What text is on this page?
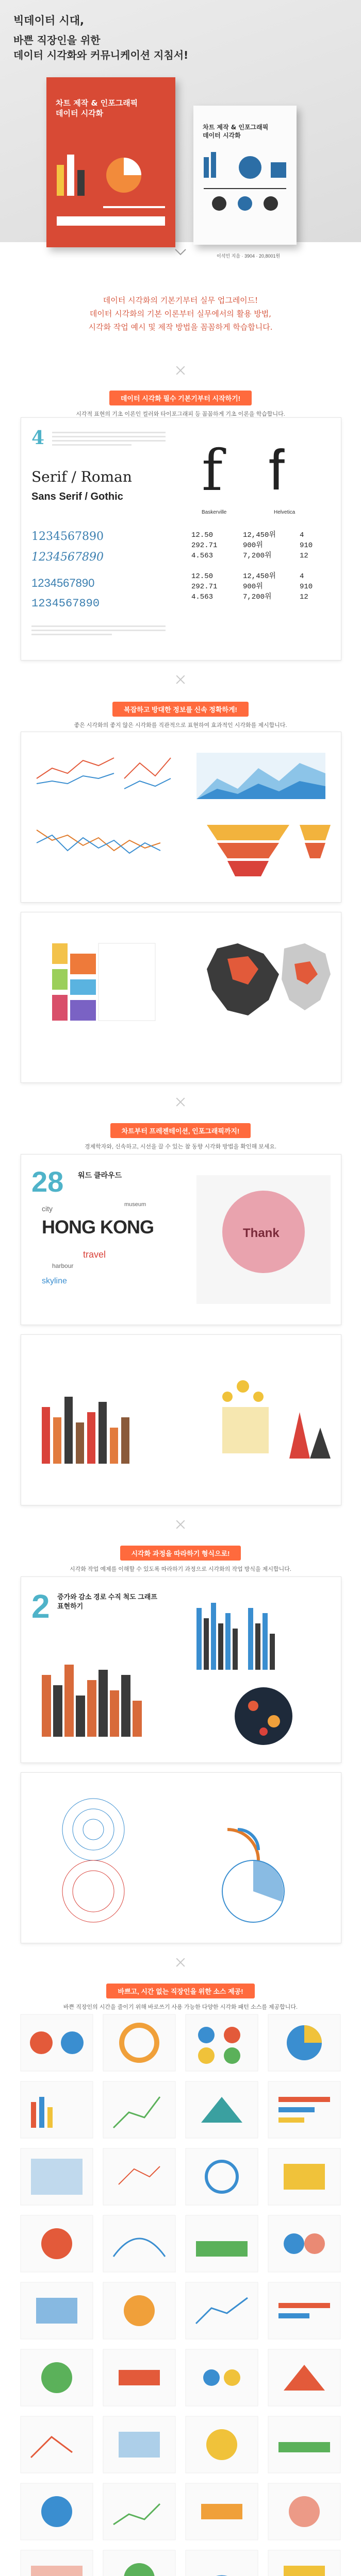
빅데이터 시대,
바쁜 직장인을 위한
데이터 시각화와 커뮤니케이션 지침서!
차트 제작 & 인포그래픽
데이터 시각화
차트 제작 & 인포그래픽
데이터 시각화
이석민 지음 · 3904 · 20,8001원
데이터 시각화의 기본기부터 실무 업그레이드!
데이터 시각화의 기본 이론부터 실무에서의 활용 방법,
시각화 작업 예시 및 제작 방법을 꼼꼼하게 학습합니다.
데이터 시각화 필수 기본기부터 시작하기!
시각적 표현의 기초 이론인 컬러와 타이포그래피 등 꼼꼼하게 기초 이론을 학습합니다.
4
Serif / Roman
Sans Serif / Gothic
1234567890
1234567890
1234567890
1234567890
f f
Baskerville	Helvetica
12.50
292.71
4.563
12,450위
900위
7,200위
4
910
12
12.50
292.71
4.563
12,450위
900위
7,200위
4
910
12
복잡하고 방대한 정보를 신속 정확하게!
좋은 시각화의 좋지 않은 시각화를 직관적으로 표현하여 효과적인 시각화를 제시합니다.
차트부터 프레젠테이션, 인포그래픽까지!
경제학자와, 신속하고, 시선을 끌 수 있는 참 동향 시각화 방법을 확인해 보세요.
28 워드 클라우드
HONG KONG
city
travel
museum
harbour
skyline
Thank
시각화 과정을 따라하기 형식으로!
시각화 작업 예제를 이해할 수 있도록 따라하기 과정으로 시각화의 작업 방식을 제시합니다.
2 증가와 감소 경로 수직 척도 그래프 표현하기
바쁘고, 시간 없는 직장인을 위한 소스 제공!
바쁜 직장인의 시간을 줄이기 위해 바로쓰기 사용 가능한 다양한 시각화 패턴 소스를 제공합니다.
